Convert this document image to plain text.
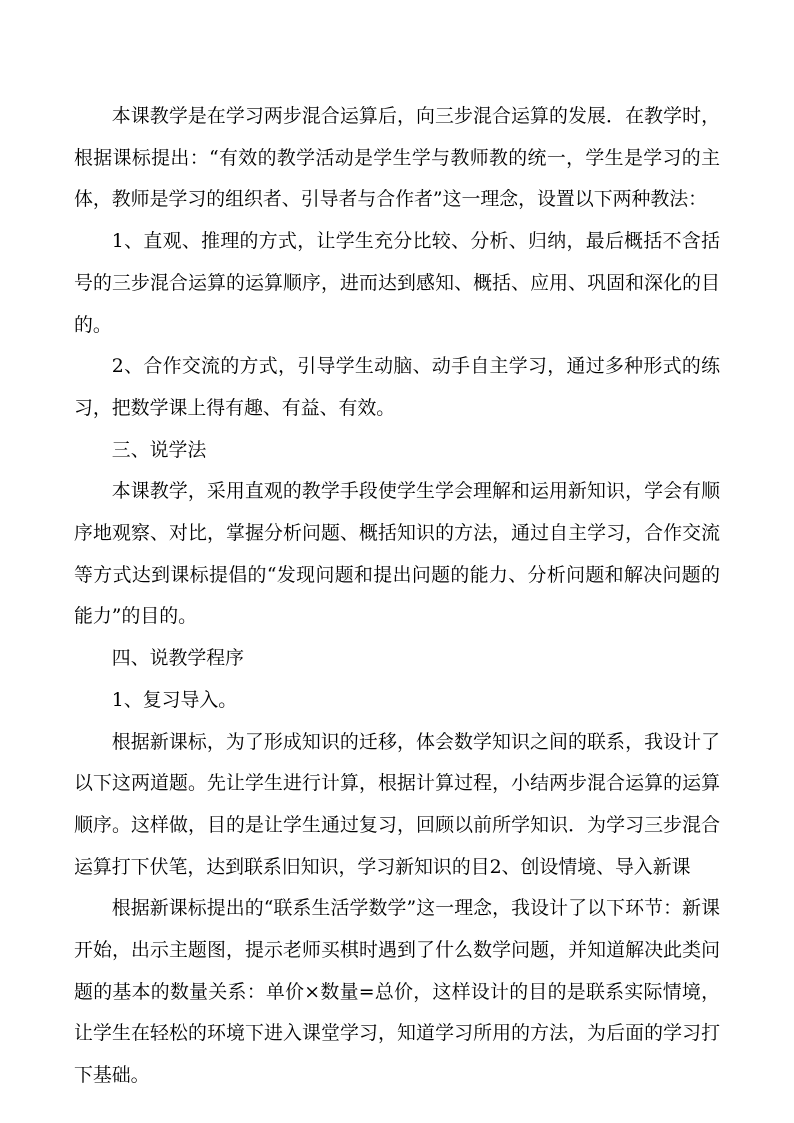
本课教学是在学习两步混合运算后，向三步混合运算的发展．在教学时，根据课标提出：“有效的教学活动是学生学与教师教的统一，学生是学习的主体，教师是学习的组织者、引导者与合作者”这一理念，设置以下两种教法：

1、直观、推理的方式，让学生充分比较、分析、归纳，最后概括不含括号的三步混合运算的运算顺序，进而达到感知、概括、应用、巩固和深化的目的。

2、合作交流的方式，引导学生动脑、动手自主学习，通过多种形式的练习，把数学课上得有趣、有益、有效。

三、说学法

本课教学，采用直观的教学手段使学生学会理解和运用新知识，学会有顺序地观察、对比，掌握分析问题、概括知识的方法，通过自主学习，合作交流等方式达到课标提倡的“发现问题和提出问题的能力、分析问题和解决问题的能力”的目的。

四、说教学程序

1、复习导入。

根据新课标，为了形成知识的迁移，体会数学知识之间的联系，我设计了以下这两道题。先让学生进行计算，根据计算过程，小结两步混合运算的运算顺序。这样做，目的是让学生通过复习，回顾以前所学知识．为学习三步混合运算打下伏笔，达到联系旧知识，学习新知识的目2、创设情境、导入新课

根据新课标提出的“联系生活学数学”这一理念，我设计了以下环节：新课开始，出示主题图，提示老师买棋时遇到了什么数学问题，并知道解决此类问题的基本的数量关系：单价×数量=总价，这样设计的目的是联系实际情境，让学生在轻松的环境下进入课堂学习，知道学习所用的方法，为后面的学习打下基础。
